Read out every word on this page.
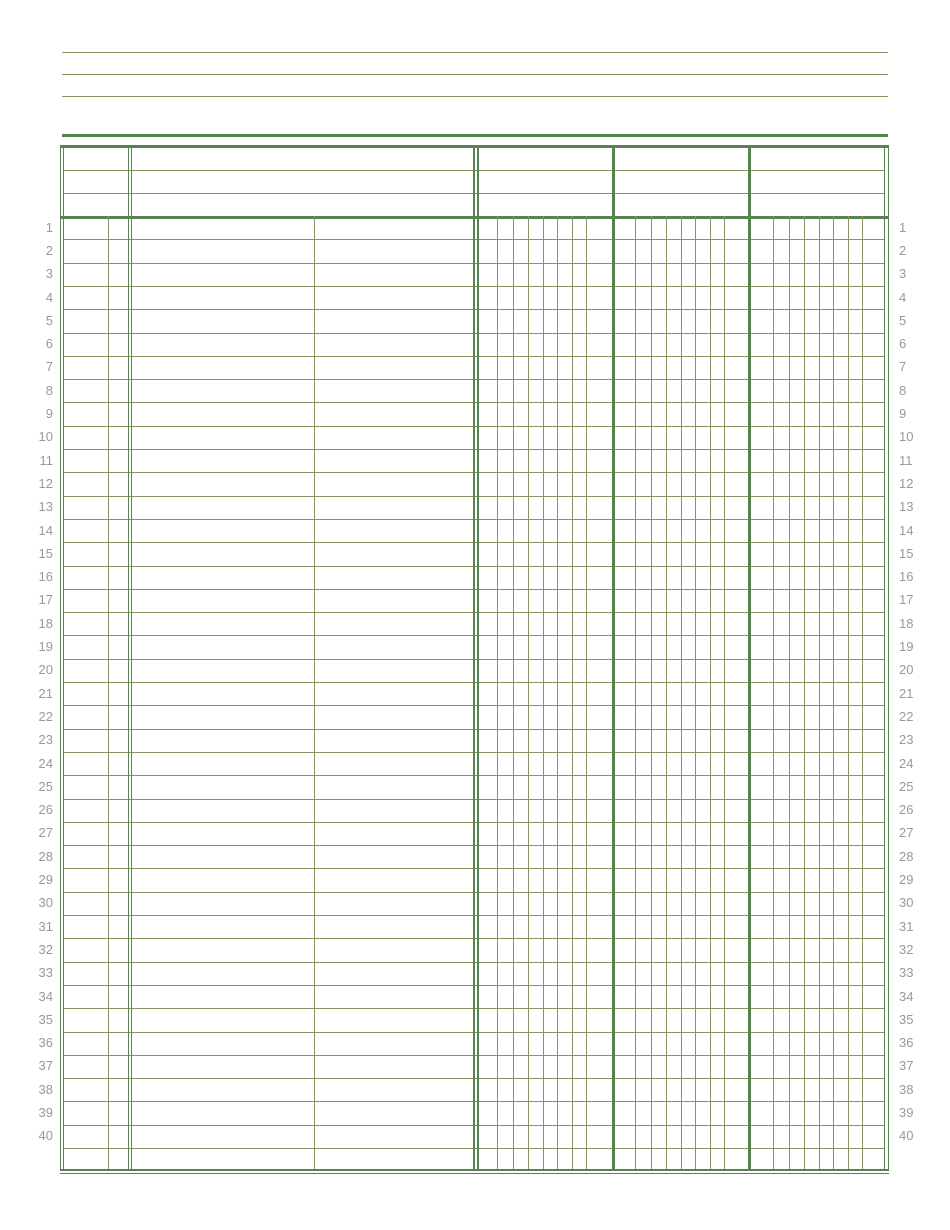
1
2
3
4
5
6
7
8
9
10
11
12
13
14
15
16
17
18
19
20
21
22
23
24
25
26
27
28
29
30
31
32
33
34
35
36
37
38
39
40
1
2
3
4
5
6
7
8
9
10
11
12
13
14
15
16
17
18
19
20
21
22
23
24
25
26
27
28
29
30
31
32
33
34
35
36
37
38
39
40
